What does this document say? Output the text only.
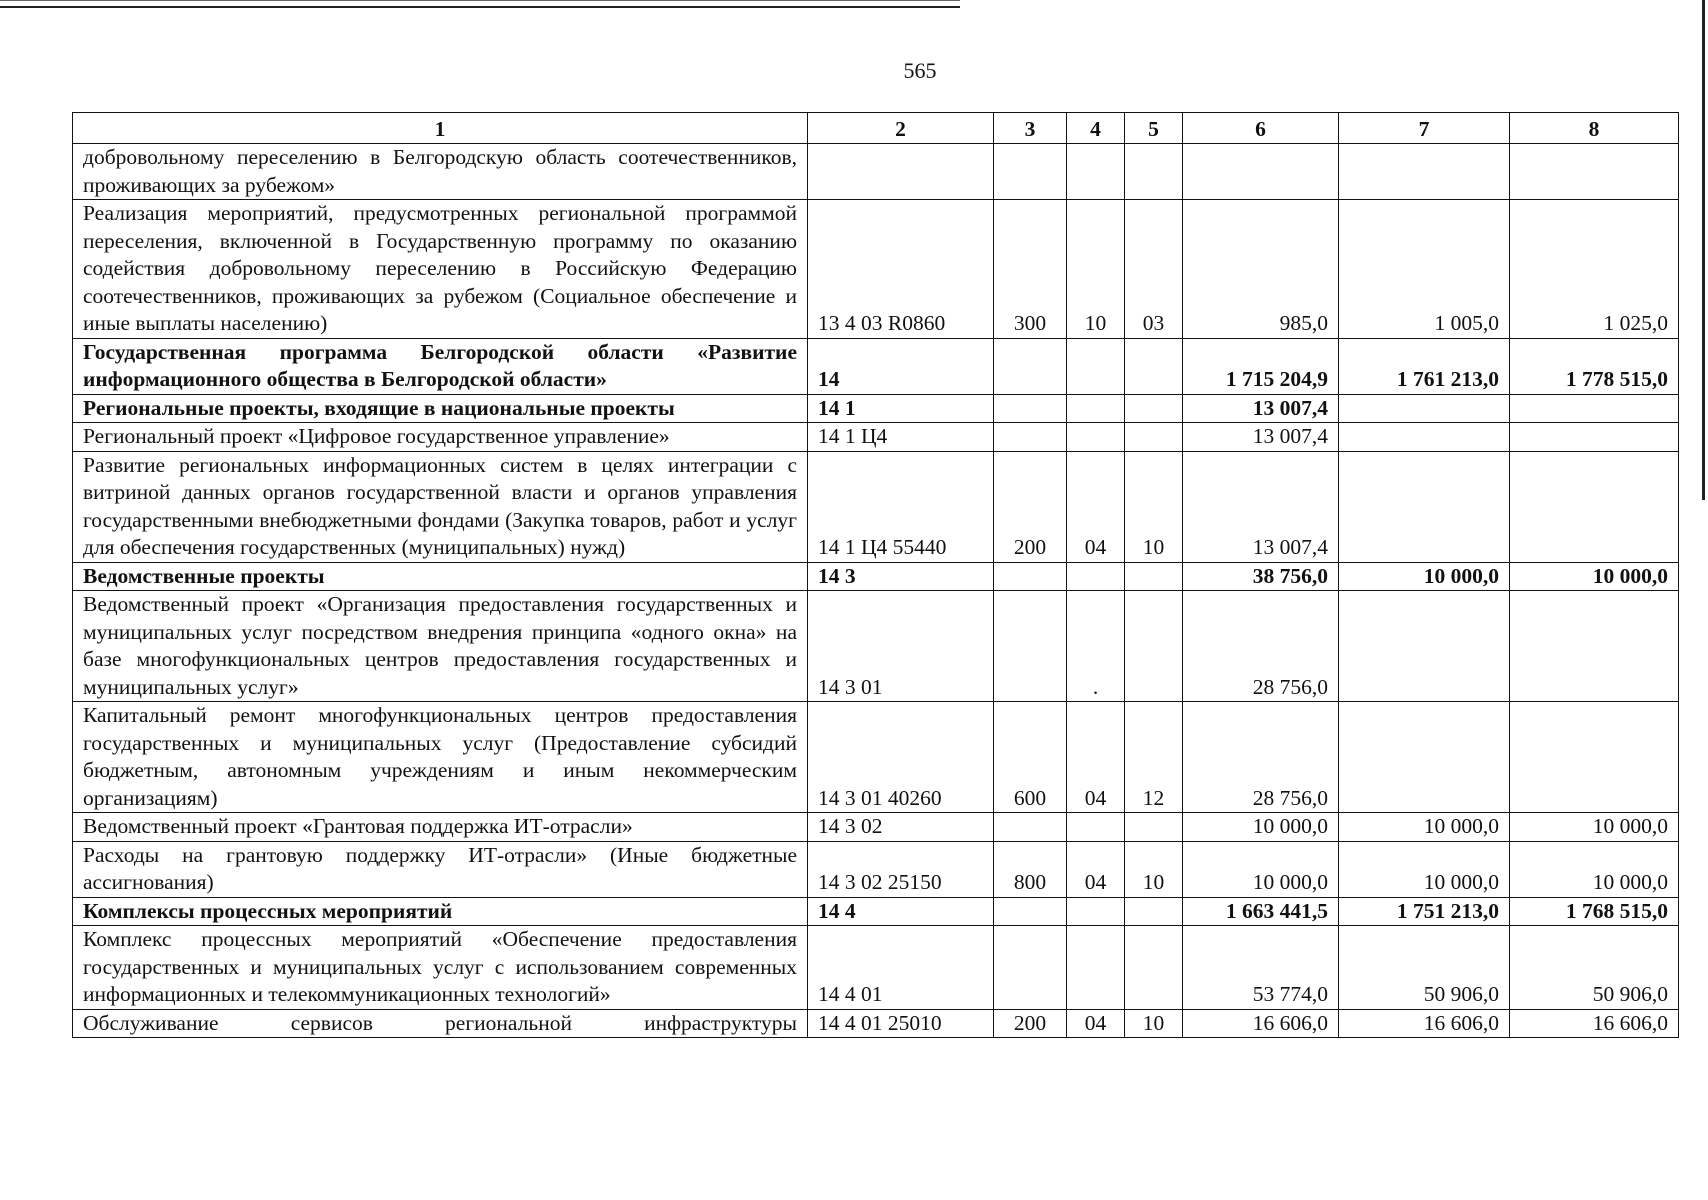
565
1	2	3	4	5	6	7	8
добровольному переселению в Белгородскую область соотечественников, проживающих за рубежом»							
Реализация мероприятий, предусмотренных региональной программой переселения, включенной в Государственную программу по оказанию содействия добровольному переселению в Российскую Федерацию соотечественников, проживающих за рубежом (Социальное обеспечение и иные выплаты населению)	13 4 03 R0860	300	10	03	985,0	1 005,0	1 025,0
Государственная программа Белгородской области «Развитие информационного общества в Белгородской области»	14				1 715 204,9	1 761 213,0	1 778 515,0
Региональные проекты, входящие в национальные проекты	14 1				13 007,4		
Региональный проект «Цифровое государственное управление»	14 1 Ц4				13 007,4		
Развитие региональных информационных систем в целях интеграции с витриной данных органов государственной власти и органов управления государственными внебюджетными фондами (Закупка товаров, работ и услуг для обеспечения государственных (муниципальных) нужд)	14 1 Ц4 55440	200	04	10	13 007,4		
Ведомственные проекты	14 3				38 756,0	10 000,0	10 000,0
Ведомственный проект «Организация предоставления государственных и муниципальных услуг посредством внедрения принципа «одного окна» на базе многофункциональных центров предоставления государственных и муниципальных услуг»	14 3 01		.		28 756,0		
Капитальный ремонт многофункциональных центров предоставления государственных и муниципальных услуг (Предоставление субсидий бюджетным, автономным учреждениям и иным некоммерческим организациям)	14 3 01 40260	600	04	12	28 756,0		
Ведомственный проект «Грантовая поддержка ИТ-отрасли»	14 3 02				10 000,0	10 000,0	10 000,0
Расходы на грантовую поддержку ИТ-отрасли» (Иные бюджетные ассигнования)	14 3 02 25150	800	04	10	10 000,0	10 000,0	10 000,0
Комплексы процессных мероприятий	14 4				1 663 441,5	1 751 213,0	1 768 515,0
Комплекс процессных мероприятий «Обеспечение предоставления государственных и муниципальных услуг с использованием современных информационных и телекоммуникационных технологий»	14 4 01				53 774,0	50 906,0	50 906,0
Обслуживание сервисов региональной инфраструктуры	14 4 01 25010	200	04	10	16 606,0	16 606,0	16 606,0
